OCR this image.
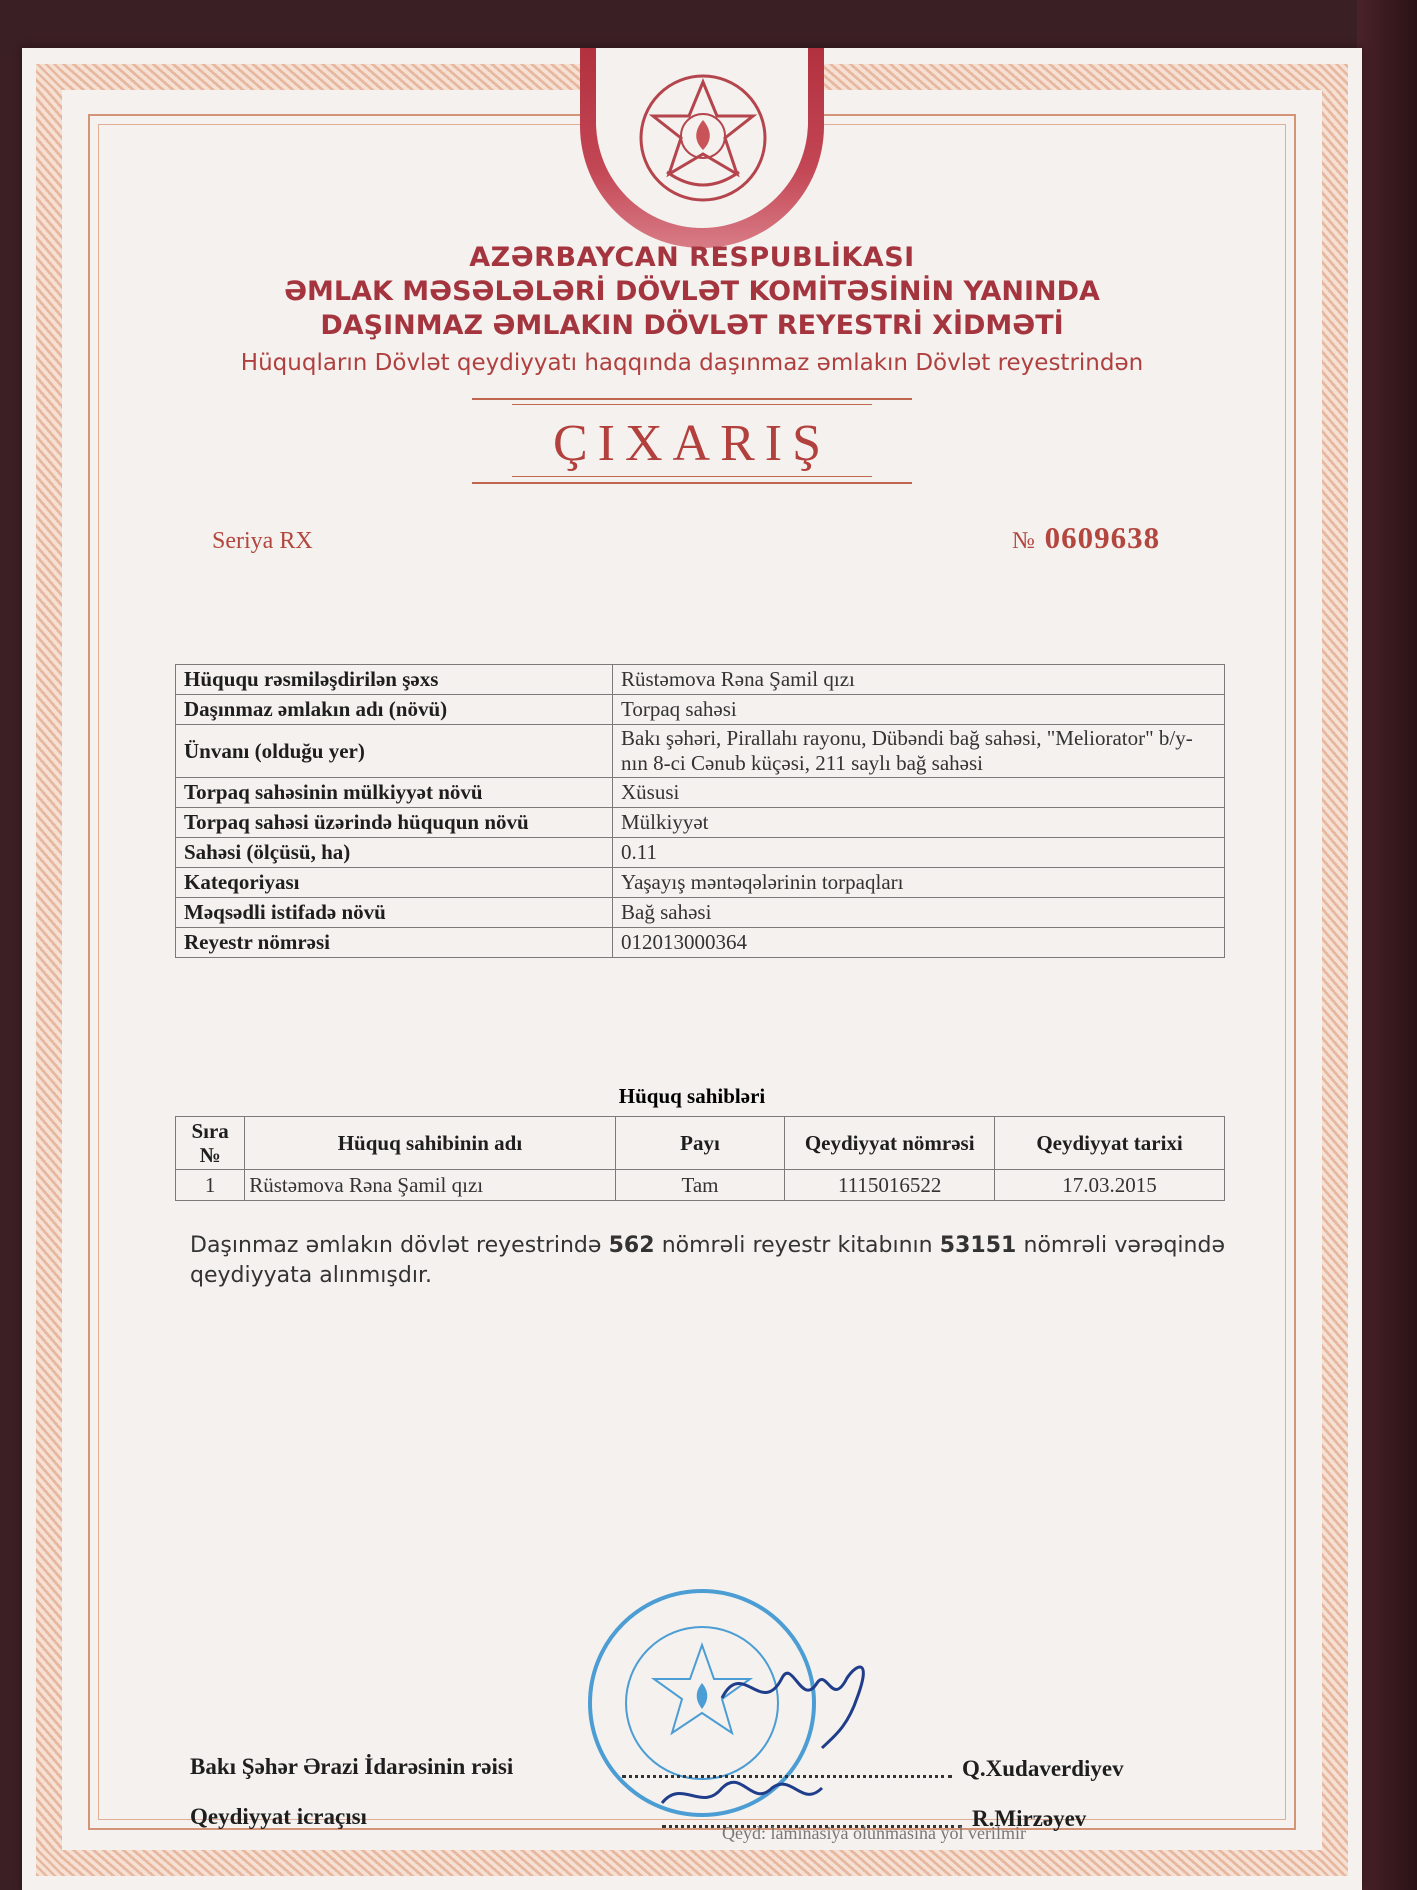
AZƏRBAYCAN RESPUBLİKASI
ƏMLAK MƏSƏLƏLƏRİ DÖVLƏT KOMİTƏSİNİN YANINDA
DAŞINMAZ ƏMLAKIN DÖVLƏT REYESTRİ XİDMƏTİ
Hüquqların Dövlət qeydiyyatı haqqında daşınmaz əmlakın Dövlət reyestrindən
ÇIXARIŞ
Seriya RX	№ 0609638
Hüququ rəsmiləşdirilən şəxs	Rüstəmova Rəna Şamil qızı
Daşınmaz əmlakın adı (növü)	Torpaq sahəsi
Ünvanı (olduğu yer)	Bakı şəhəri, Pirallahı rayonu, Dübəndi bağ sahəsi, "Meliorator" b/y-nın 8-ci Cənub küçəsi, 211 saylı bağ sahəsi
Torpaq sahəsinin mülkiyyət növü	Xüsusi
Torpaq sahəsi üzərində hüququn növü	Mülkiyyət
Sahəsi (ölçüsü, ha)	0.11
Kateqoriyası	Yaşayış məntəqələrinin torpaqları
Məqsədli istifadə növü	Bağ sahəsi
Reyestr nömrəsi	012013000364
Hüquq sahibləri
Sıra №	Hüquq sahibinin adı	Payı	Qeydiyyat nömrəsi	Qeydiyyat tarixi
1	Rüstəmova Rəna Şamil qızı	Tam	1115016522	17.03.2015
Daşınmaz əmlakın dövlət reyestrində 562 nömrəli reyestr kitabının 53151 nömrəli vərəqində qeydiyyata alınmışdır.
Bakı Şəhər Ərazi İdarəsinin rəisi	Q.Xudaverdiyev
Qeydiyyat icraçısı	R.Mirzəyev
Qeyd: laminasiya olunmasına yol verilmir
